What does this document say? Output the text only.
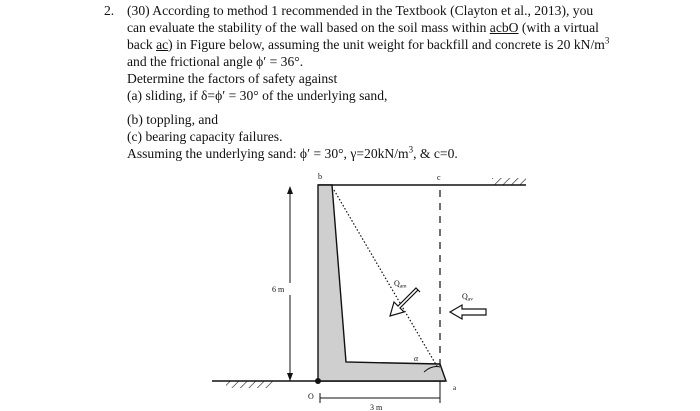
2. (30) According to method 1 recommended in the Textbook (Clayton et al., 2013), you

can evaluate the stability of the wall based on the soil mass within acbO (with a virtual

back ac) in Figure below, assuming the unit weight for backfill and concrete is 20 $kN/m^3$

and the frictional angle ϕ′ = 36°.

Determine the factors of safety against

(a) sliding, if δ=ϕ′ = 30° of the underlying sand,

(b) toppling, and

(c) bearing capacity failures.

Assuming the underlying sand: ϕ′ = 30°, $\gamma=20kN/m^3$, & c=0.

b	c
6 m
Qam
Qav
α
a
O
3 m
